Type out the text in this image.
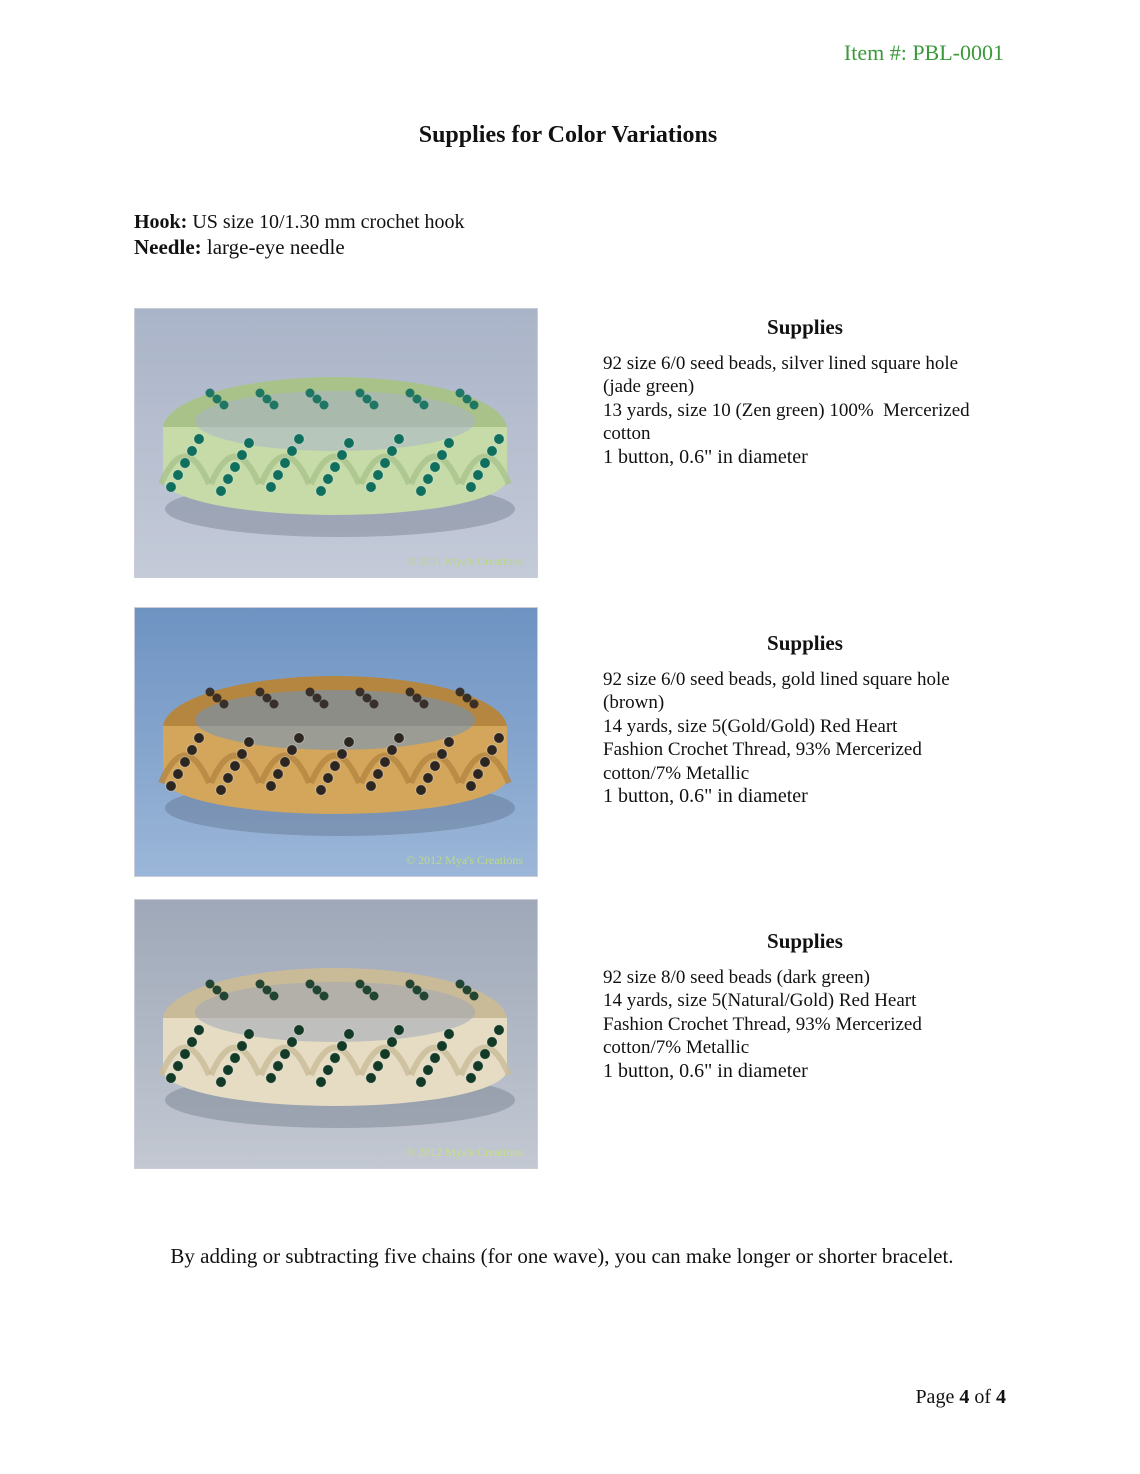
Item #: PBL-0001
Supplies for Color Variations
Hook: US size 10/1.30 mm crochet hook
Needle: large-eye needle
© 2011 Mya's Creations
Supplies
92 size 6/0 seed beads, silver lined square hole
(jade green)
13 yards, size 10 (Zen green) 100%  Mercerized
cotton
1 button, 0.6" in diameter
© 2012 Mya's Creations
Supplies
92 size 6/0 seed beads, gold lined square hole
(brown)
14 yards, size 5(Gold/Gold) Red Heart
Fashion Crochet Thread, 93% Mercerized
cotton/7% Metallic
1 button, 0.6" in diameter
© 2012 Mya's Creations
Supplies
92 size 8/0 seed beads (dark green)
14 yards, size 5(Natural/Gold) Red Heart
Fashion Crochet Thread, 93% Mercerized
cotton/7% Metallic
1 button, 0.6" in diameter
By adding or subtracting five chains (for one wave), you can make longer or shorter bracelet.
Page 4 of 4
